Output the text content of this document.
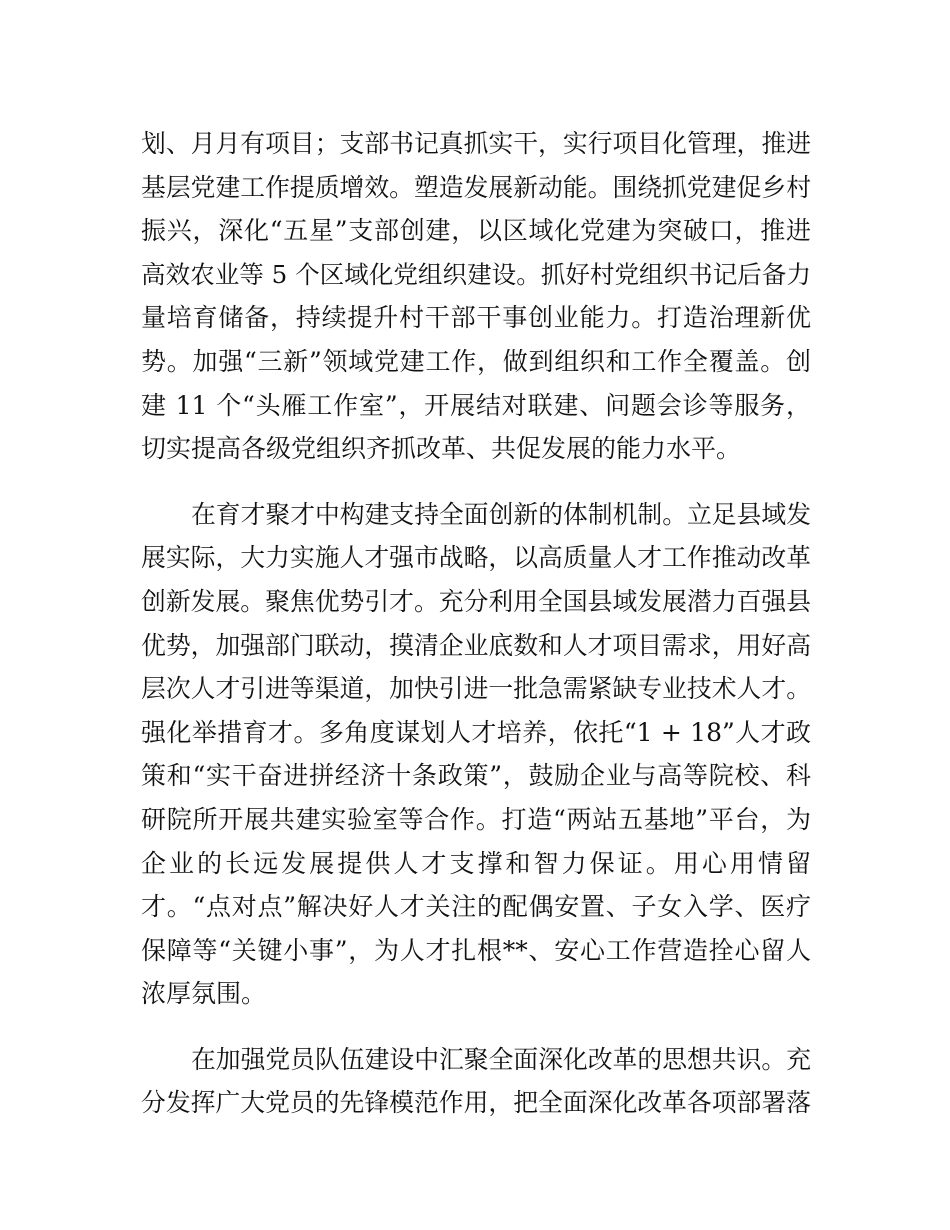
划、月月有项目；支部书记真抓实干，实行项目化管理，推进
基层党建工作提质增效。塑造发展新动能。围绕抓党建促乡村
振兴，深化“五星”支部创建，以区域化党建为突破口，推进
高效农业等 5 个区域化党组织建设。抓好村党组织书记后备力
量培育储备，持续提升村干部干事创业能力。打造治理新优
势。加强“三新”领域党建工作，做到组织和工作全覆盖。创
建 11 个“头雁工作室”，开展结对联建、问题会诊等服务，
切实提高各级党组织齐抓改革、共促发展的能力水平。

在育才聚才中构建支持全面创新的体制机制。立足县域发
展实际，大力实施人才强市战略，以高质量人才工作推动改革
创新发展。聚焦优势引才。充分利用全国县域发展潜力百强县
优势，加强部门联动，摸清企业底数和人才项目需求，用好高
层次人才引进等渠道，加快引进一批急需紧缺专业技术人才。
强化举措育才。多角度谋划人才培养，依托“1 + 18”人才政
策和“实干奋进拼经济十条政策”，鼓励企业与高等院校、科
研院所开展共建实验室等合作。打造“两站五基地”平台，为
企业的长远发展提供人才支撑和智力保证。用心用情留
才。“点对点”解决好人才关注的配偶安置、子女入学、医疗
保障等“关键小事”，为人才扎根**、安心工作营造拴心留人
浓厚氛围。

在加强党员队伍建设中汇聚全面深化改革的思想共识。充
分发挥广大党员的先锋模范作用，把全面深化改革各项部署落
